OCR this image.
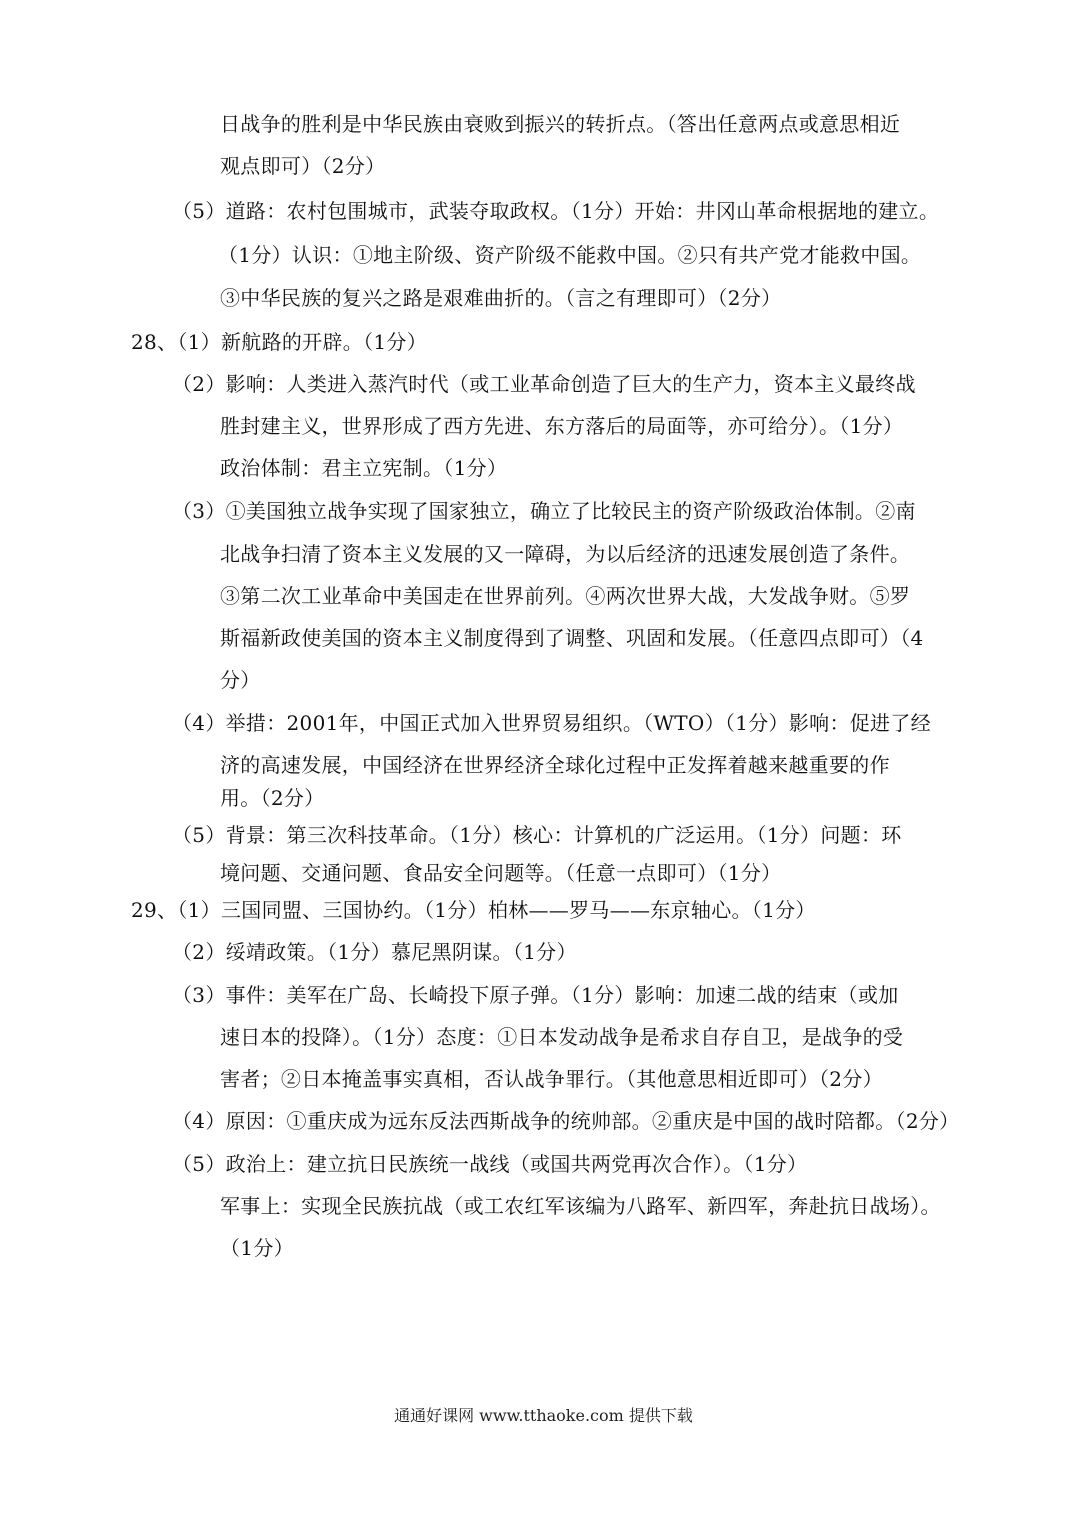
日战争的胜利是中华民族由衰败到振兴的转折点。（答出任意两点或意思相近
观点即可）（2分）
（5）道路：农村包围城市，武装夺取政权。（1分）开始：井冈山革命根据地的建立。
（1分）认识：①地主阶级、资产阶级不能救中国。②只有共产党才能救中国。
③中华民族的复兴之路是艰难曲折的。（言之有理即可）（2分）
28、（1）新航路的开辟。（1分）
（2）影响：人类进入蒸汽时代（或工业革命创造了巨大的生产力，资本主义最终战
胜封建主义，世界形成了西方先进、东方落后的局面等，亦可给分）。（1分）
政治体制：君主立宪制。（1分）
（3）①美国独立战争实现了国家独立，确立了比较民主的资产阶级政治体制。②南
北战争扫清了资本主义发展的又一障碍，为以后经济的迅速发展创造了条件。
③第二次工业革命中美国走在世界前列。④两次世界大战，大发战争财。⑤罗
斯福新政使美国的资本主义制度得到了调整、巩固和发展。（任意四点即可）（4
分）
（4）举措：2001年，中国正式加入世界贸易组织。（WTO）（1分）影响：促进了经
济的高速发展，中国经济在世界经济全球化过程中正发挥着越来越重要的作
用。（2分）
（5）背景：第三次科技革命。（1分）核心：计算机的广泛运用。（1分）问题：环
境问题、交通问题、食品安全问题等。（任意一点即可）（1分）
29、（1）三国同盟、三国协约。（1分）柏林——罗马——东京轴心。（1分）
（2）绥靖政策。（1分）慕尼黑阴谋。（1分）
（3）事件：美军在广岛、长崎投下原子弹。（1分）影响：加速二战的结束（或加
速日本的投降）。（1分）态度：①日本发动战争是希求自存自卫，是战争的受
害者；②日本掩盖事实真相，否认战争罪行。（其他意思相近即可）（2分）
（4）原因：①重庆成为远东反法西斯战争的统帅部。②重庆是中国的战时陪都。（2分）
（5）政治上：建立抗日民族统一战线（或国共两党再次合作）。（1分）
军事上：实现全民族抗战（或工农红军该编为八路军、新四军，奔赴抗日战场）。
（1分）
通通好课网 www.tthaoke.com 提供下载
